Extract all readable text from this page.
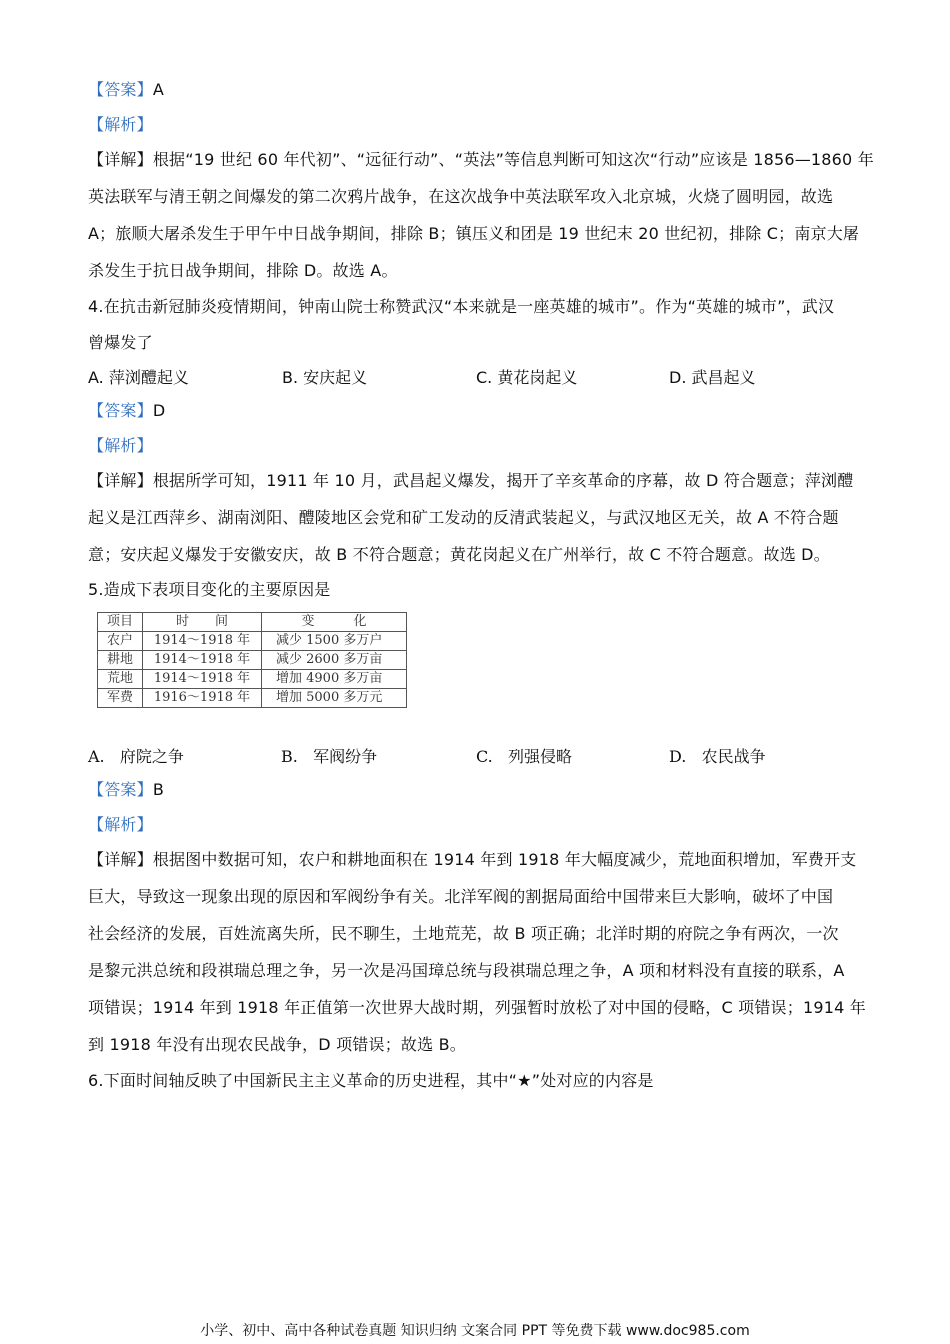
【答案】A
【解析】
【详解】根据“19 世纪 60 年代初”、“远征行动”、“英法”等信息判断可知这次“行动”应该是 1856—1860 年
英法联军与清王朝之间爆发的第二次鸦片战争，在这次战争中英法联军攻入北京城，火烧了圆明园，故选
A；旅顺大屠杀发生于甲午中日战争期间，排除 B；镇压义和团是 19 世纪末 20 世纪初，排除 C；南京大屠
杀发生于抗日战争期间，排除 D。故选 A。
4.在抗击新冠肺炎疫情期间，钟南山院士称赞武汉“本来就是一座英雄的城市”。作为“英雄的城市”，武汉
曾爆发了
A. 萍浏醴起义	B. 安庆起义	C. 黄花岗起义	D. 武昌起义
【答案】D
【解析】
【详解】根据所学可知，1911 年 10 月，武昌起义爆发，揭开了辛亥革命的序幕，故 D 符合题意；萍浏醴
起义是江西萍乡、湖南浏阳、醴陵地区会党和矿工发动的反清武装起义，与武汉地区无关，故 A 不符合题
意；安庆起义爆发于安徽安庆，故 B 不符合题意；黄花岗起义在广州举行，故 C 不符合题意。故选 D。
5.造成下表项目变化的主要原因是
项目	时　　间	变　　　化
农户	1914～1918 年	减少 1500 多万户
耕地	1914～1918 年	减少 2600 多万亩
荒地	1914～1918 年	增加 4900 多万亩
军费	1916～1918 年	增加 5000 多万元
A. 府院之争	B. 军阀纷争	C. 列强侵略	D. 农民战争
【答案】B
【解析】
【详解】根据图中数据可知，农户和耕地面积在 1914 年到 1918 年大幅度减少，荒地面积增加，军费开支
巨大，导致这一现象出现的原因和军阀纷争有关。北洋军阀的割据局面给中国带来巨大影响，破坏了中国
社会经济的发展，百姓流离失所，民不聊生，土地荒芜，故 B 项正确；北洋时期的府院之争有两次，一次
是黎元洪总统和段祺瑞总理之争，另一次是冯国璋总统与段祺瑞总理之争，A 项和材料没有直接的联系，A
项错误；1914 年到 1918 年正值第一次世界大战时期，列强暂时放松了对中国的侵略，C 项错误；1914 年
到 1918 年没有出现农民战争，D 项错误；故选 B。
6.下面时间轴反映了中国新民主主义革命的历史进程，其中“★”处对应的内容是
小学、初中、高中各种试卷真题 知识归纳 文案合同 PPT 等免费下载 www.doc985.com
